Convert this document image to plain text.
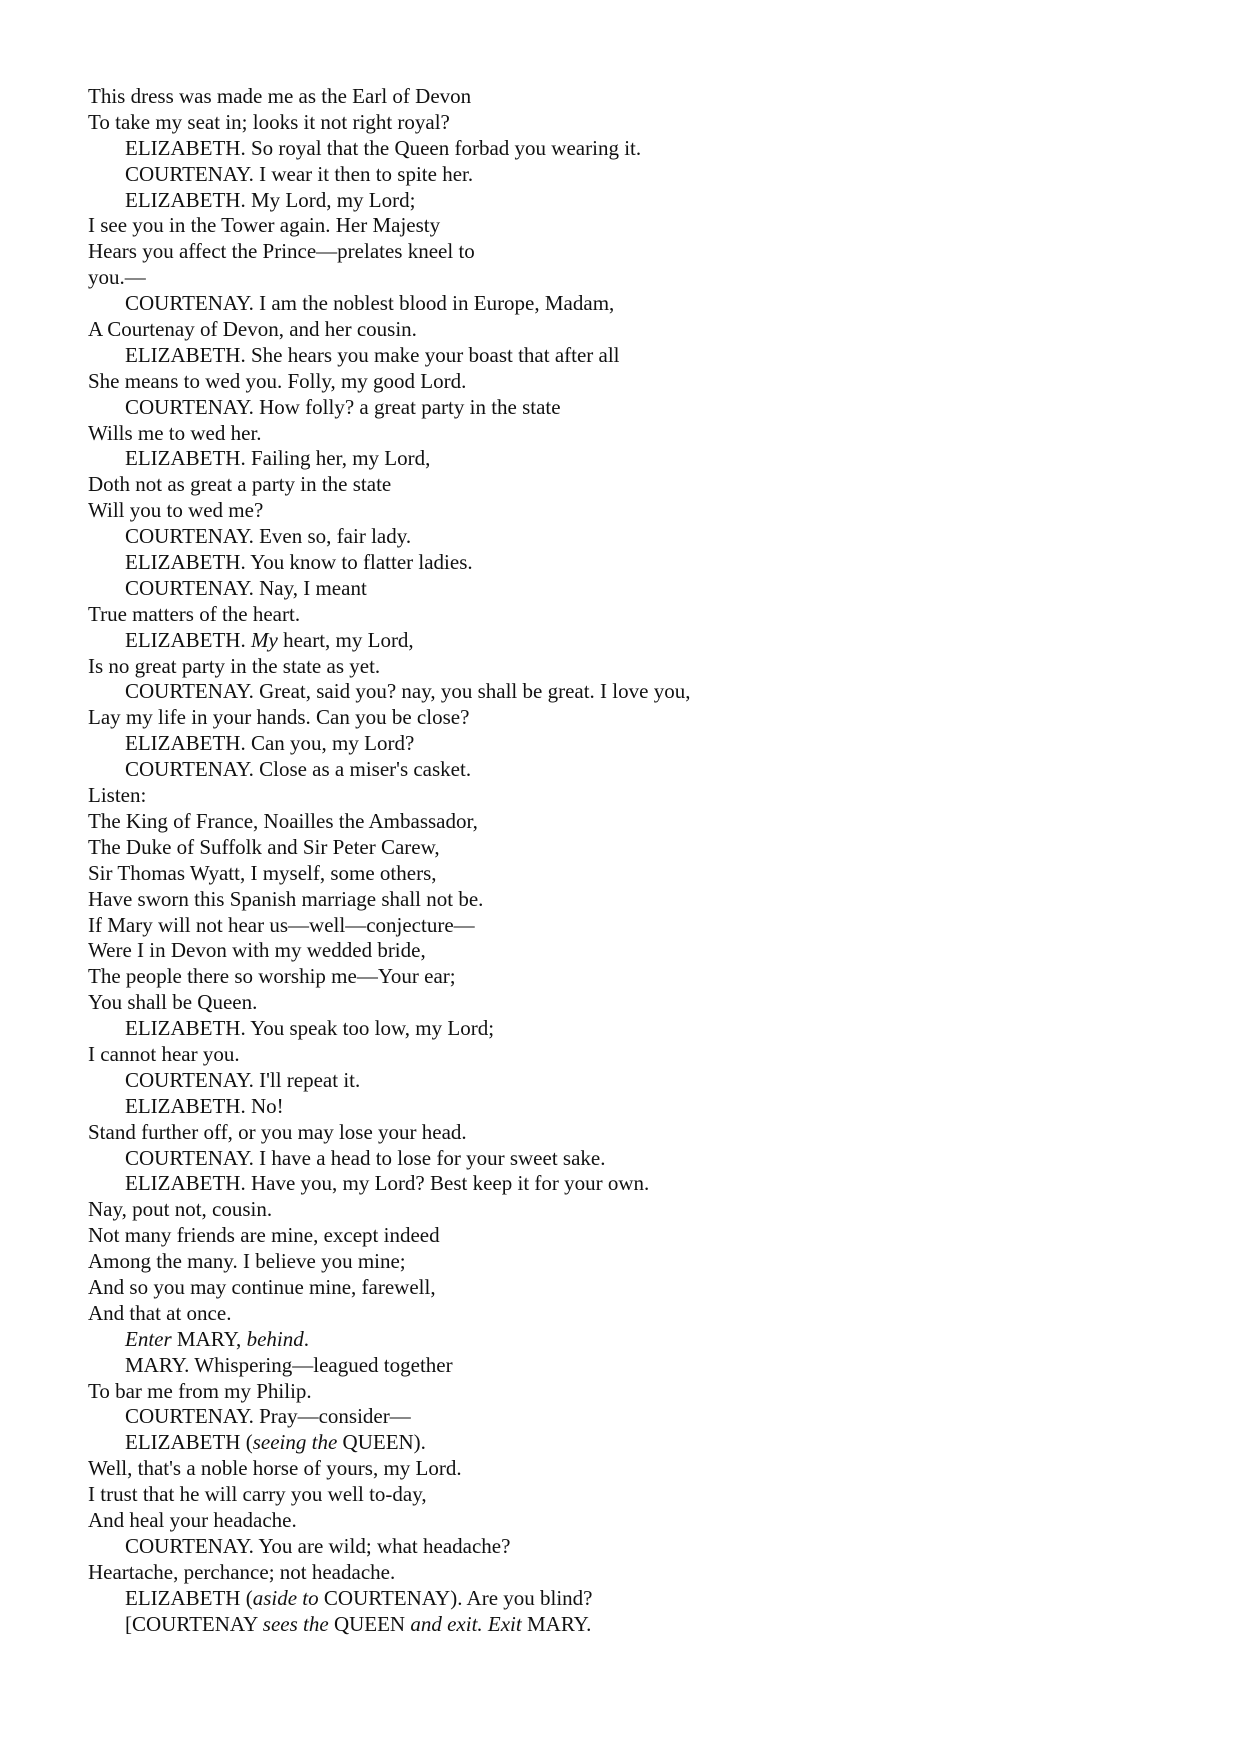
This dress was made me as the Earl of Devon
To take my seat in; looks it not right royal?
ELIZABETH. So royal that the Queen forbad you wearing it.
COURTENAY. I wear it then to spite her.
ELIZABETH. My Lord, my Lord;
I see you in the Tower again. Her Majesty
Hears you affect the Prince—prelates kneel to
you.—
COURTENAY. I am the noblest blood in Europe, Madam,
A Courtenay of Devon, and her cousin.
ELIZABETH. She hears you make your boast that after all
She means to wed you. Folly, my good Lord.
COURTENAY. How folly? a great party in the state
Wills me to wed her.
ELIZABETH. Failing her, my Lord,
Doth not as great a party in the state
Will you to wed me?
COURTENAY. Even so, fair lady.
ELIZABETH. You know to flatter ladies.
COURTENAY. Nay, I meant
True matters of the heart.
ELIZABETH. My heart, my Lord,
Is no great party in the state as yet.
COURTENAY. Great, said you? nay, you shall be great. I love you,
Lay my life in your hands. Can you be close?
ELIZABETH. Can you, my Lord?
COURTENAY. Close as a miser's casket.
Listen:
The King of France, Noailles the Ambassador,
The Duke of Suffolk and Sir Peter Carew,
Sir Thomas Wyatt, I myself, some others,
Have sworn this Spanish marriage shall not be.
If Mary will not hear us—well—conjecture—
Were I in Devon with my wedded bride,
The people there so worship me—Your ear;
You shall be Queen.
ELIZABETH. You speak too low, my Lord;
I cannot hear you.
COURTENAY. I'll repeat it.
ELIZABETH. No!
Stand further off, or you may lose your head.
COURTENAY. I have a head to lose for your sweet sake.
ELIZABETH. Have you, my Lord? Best keep it for your own.
Nay, pout not, cousin.
Not many friends are mine, except indeed
Among the many. I believe you mine;
And so you may continue mine, farewell,
And that at once.
Enter MARY, behind.
MARY. Whispering—leagued together
To bar me from my Philip.
COURTENAY. Pray—consider—
ELIZABETH (seeing the QUEEN).
Well, that's a noble horse of yours, my Lord.
I trust that he will carry you well to-day,
And heal your headache.
COURTENAY. You are wild; what headache?
Heartache, perchance; not headache.
ELIZABETH (aside to COURTENAY). Are you blind?
[COURTENAY sees the QUEEN and exit. Exit MARY.
